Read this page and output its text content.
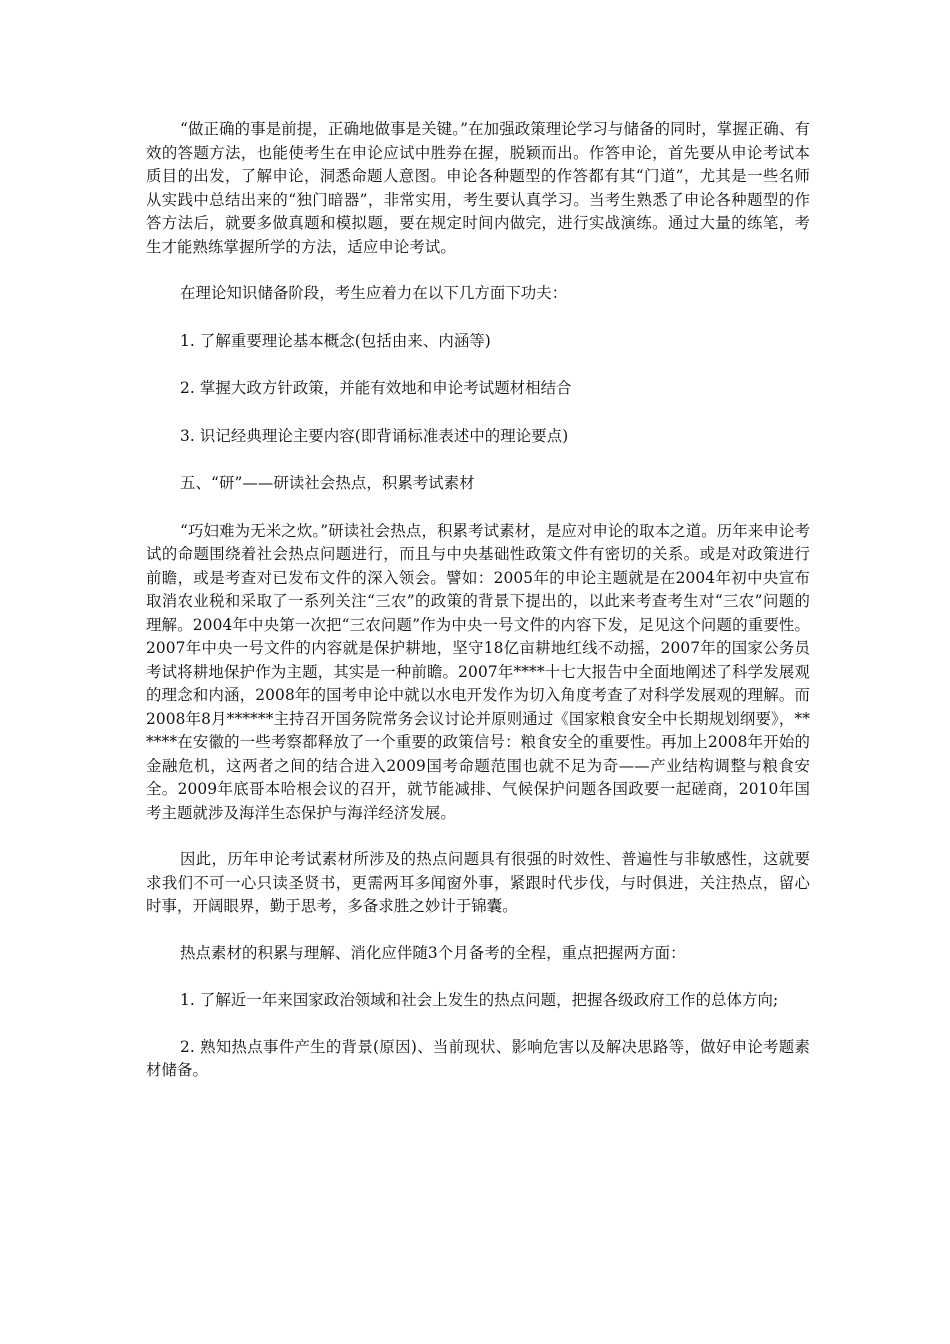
“做正确的事是前提，正确地做事是关键。”在加强政策理论学习与储备的同时，掌握正确、有效的答题方法，也能使考生在申论应试中胜券在握，脱颖而出。作答申论，首先要从申论考试本质目的出发，了解申论，洞悉命题人意图。申论各种题型的作答都有其“门道”，尤其是一些名师从实践中总结出来的“独门暗器”，非常实用，考生要认真学习。当考生熟悉了申论各种题型的作答方法后，就要多做真题和模拟题，要在规定时间内做完，进行实战演练。通过大量的练笔，考生才能熟练掌握所学的方法，适应申论考试。

在理论知识储备阶段，考生应着力在以下几方面下功夫：

1. 了解重要理论基本概念(包括由来、内涵等)

2. 掌握大政方针政策，并能有效地和申论考试题材相结合

3. 识记经典理论主要内容(即背诵标准表述中的理论要点)

五、“研”——研读社会热点，积累考试素材

“巧妇难为无米之炊。”研读社会热点，积累考试素材，是应对申论的取本之道。历年来申论考试的命题围绕着社会热点问题进行，而且与中央基础性政策文件有密切的关系。或是对政策进行前瞻，或是考查对已发布文件的深入领会。譬如：2005年的申论主题就是在2004年初中央宣布取消农业税和采取了一系列关注“三农”的政策的背景下提出的，以此来考查考生对“三农”问题的理解。2004年中央第一次把“三农问题”作为中央一号文件的内容下发，足见这个问题的重要性。2007年中央一号文件的内容就是保护耕地，坚守18亿亩耕地红线不动摇，2007年的国家公务员考试将耕地保护作为主题，其实是一种前瞻。2007年****十七大报告中全面地阐述了科学发展观的理念和内涵，2008年的国考申论中就以水电开发作为切入角度考查了对科学发展观的理解。而2008年8月******主持召开国务院常务会议讨论并原则通过《国家粮食安全中长期规划纲要》，******在安徽的一些考察都释放了一个重要的政策信号：粮食安全的重要性。再加上2008年开始的金融危机，这两者之间的结合进入2009国考命题范围也就不足为奇——产业结构调整与粮食安全。2009年底哥本哈根会议的召开，就节能减排、气候保护问题各国政要一起磋商，2010年国考主题就涉及海洋生态保护与海洋经济发展。

因此，历年申论考试素材所涉及的热点问题具有很强的时效性、普遍性与非敏感性，这就要求我们不可一心只读圣贤书，更需两耳多闻窗外事，紧跟时代步伐，与时俱进，关注热点，留心时事，开阔眼界，勤于思考，多备求胜之妙计于锦囊。

热点素材的积累与理解、消化应伴随3个月备考的全程，重点把握两方面：

1. 了解近一年来国家政治领域和社会上发生的热点问题，把握各级政府工作的总体方向;

2. 熟知热点事件产生的背景(原因)、当前现状、影响危害以及解决思路等，做好申论考题素材储备。
